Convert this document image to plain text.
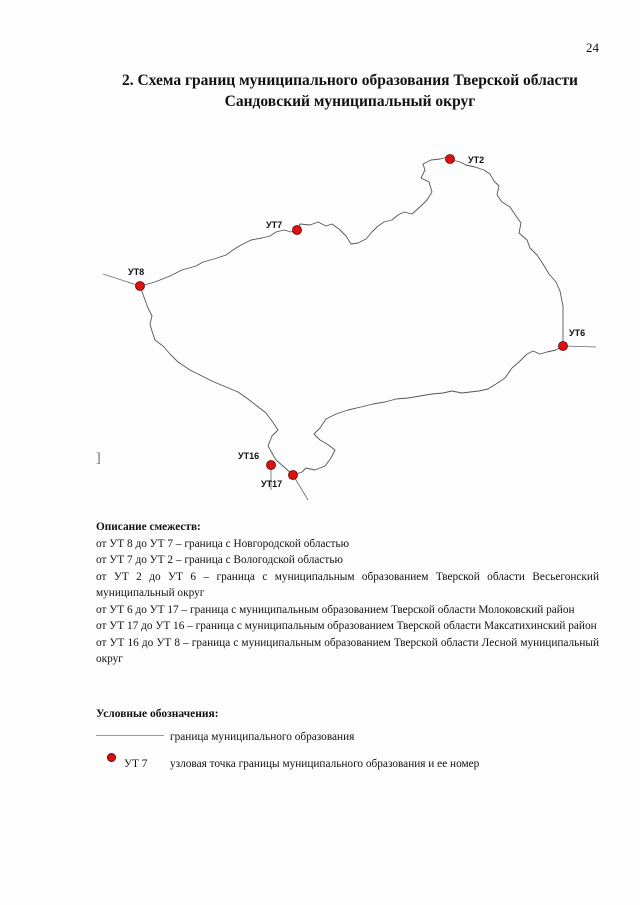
24
2. Схема границ муниципального образования Тверской области
Сандовский муниципальный округ
УТ2
УТ7
УТ8
УТ6
УТ16
УТ17
]
Описание смежеств:
от УТ 8 до УТ 7 – граница с Новгородской областью
от УТ 7 до УТ 2 – граница с Вологодской областью
от УТ 2 до УТ 6 – граница с муниципальным образованием Тверской области Весьегонский муниципальный округ
от УТ 6 до УТ 17 – граница с муниципальным образованием Тверской области Молоковский район
от УТ 17 до УТ 16 – граница с муниципальным образованием Тверской области Максатихинский район
от УТ 16 до УТ 8 – граница с муниципальным образованием Тверской области Лесной муниципальный округ
Условные обозначения:
граница муниципального образования
УТ 7 узловая точка границы муниципального образования и ее номер
